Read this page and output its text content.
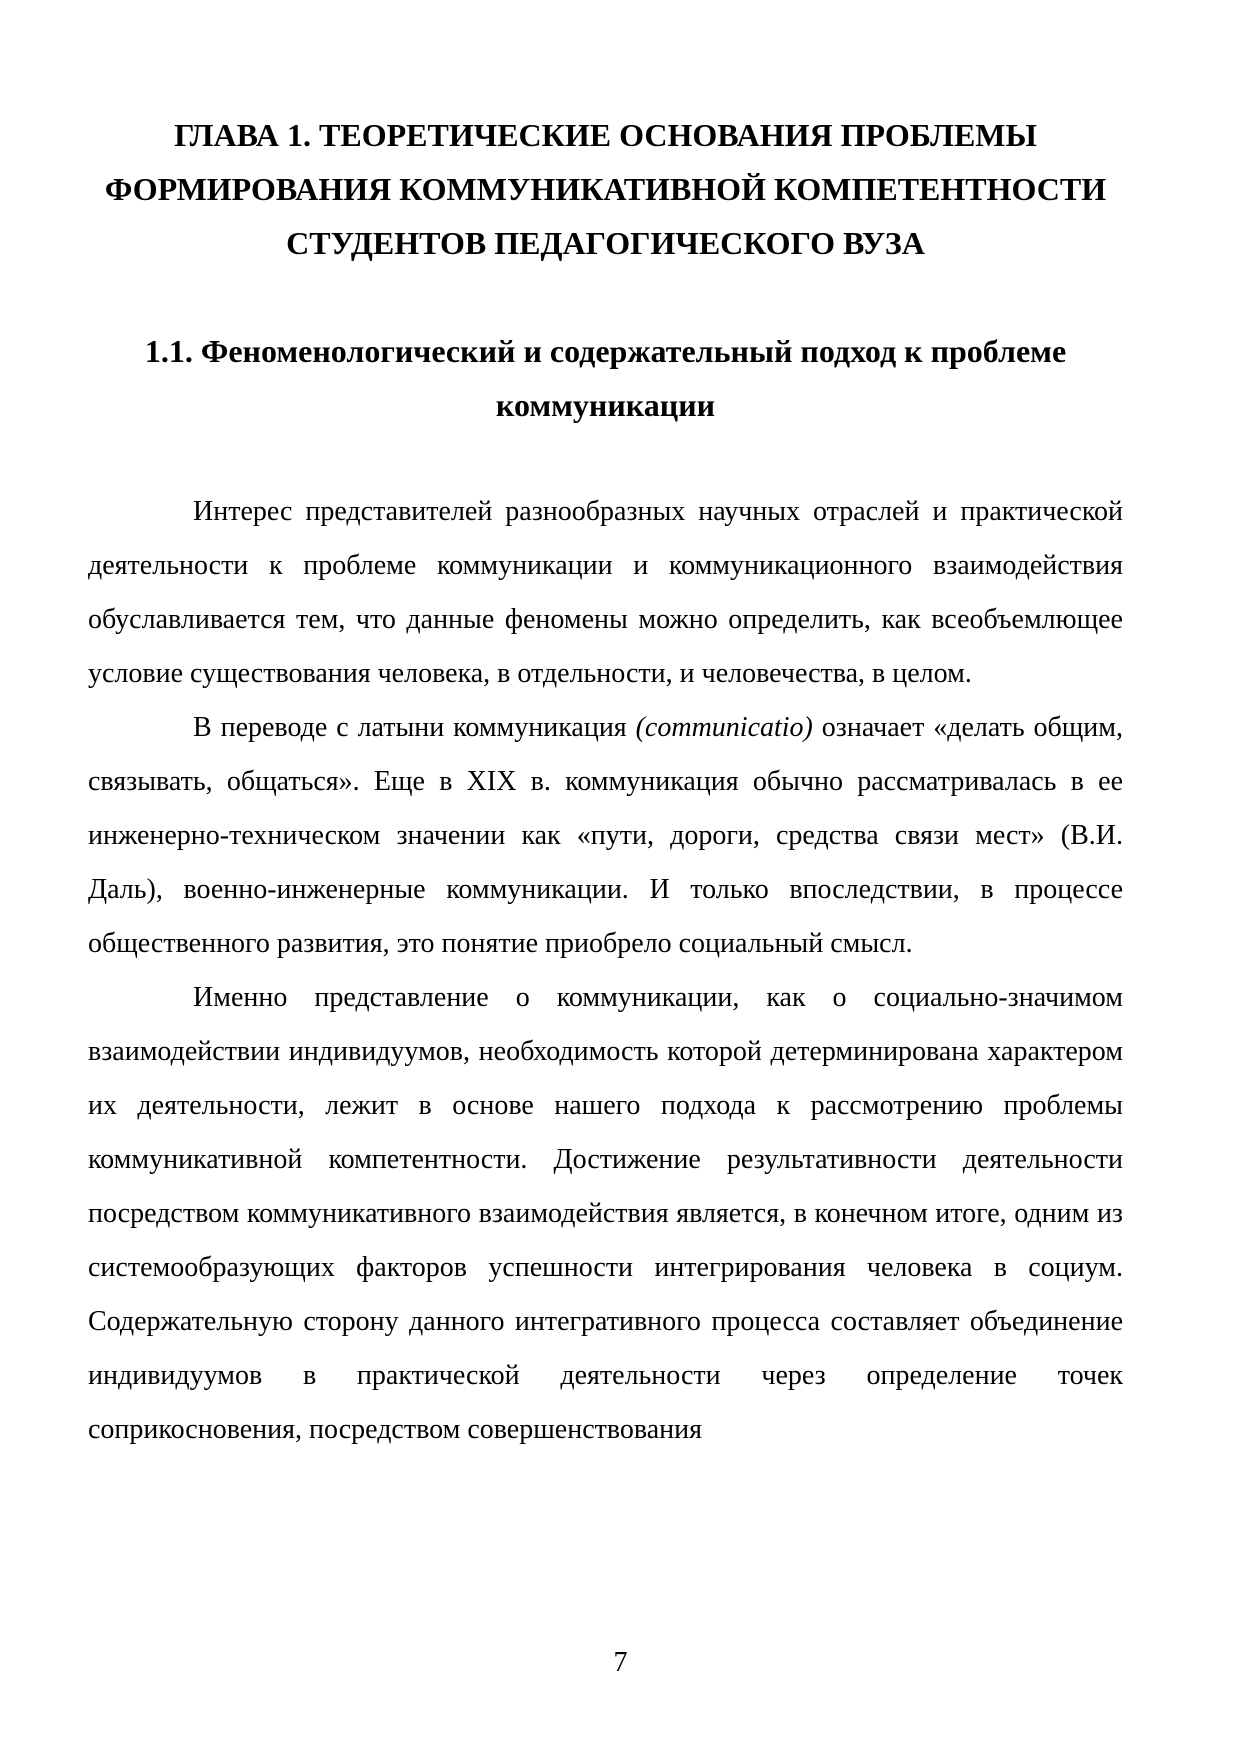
ГЛАВА 1. ТЕОРЕТИЧЕСКИЕ ОСНОВАНИЯ ПРОБЛЕМЫ
ФОРМИРОВАНИЯ КОММУНИКАТИВНОЙ КОМПЕТЕНТНОСТИ
СТУДЕНТОВ ПЕДАГОГИЧЕСКОГО ВУЗА
1.1. Феноменологический и содержательный подход к проблеме
коммуникации

Интерес представителей разнообразных научных отраслей и практической деятельности к проблеме коммуникации и коммуникационного взаимодействия обуславливается тем, что данные феномены можно определить, как всеобъемлющее условие существования человека, в отдельности, и человечества, в целом.

В переводе с латыни коммуникация (communicatio) означает «делать общим, связывать, общаться». Еще в XIX в. коммуникация обычно рассматривалась в ее инженерно-техническом значении как «пути, дороги, средства связи мест» (В.И. Даль), военно-инженерные коммуникации. И только впоследствии, в процессе общественного развития, это понятие приобрело социальный смысл.

Именно представление о коммуникации, как о социально-значимом взаимодействии индивидуумов, необходимость которой детерминирована характером их деятельности, лежит в основе нашего подхода к рассмотрению проблемы коммуникативной компетентности. Достижение результативности деятельности посредством коммуникативного взаимодействия является, в конечном итоге, одним из системообразующих факторов успешности интегрирования человека в социум. Содержательную сторону данного интегративного процесса составляет объединение индивидуумов в практической деятельности через определение точек соприкосновения, посредством совершенствования

7
